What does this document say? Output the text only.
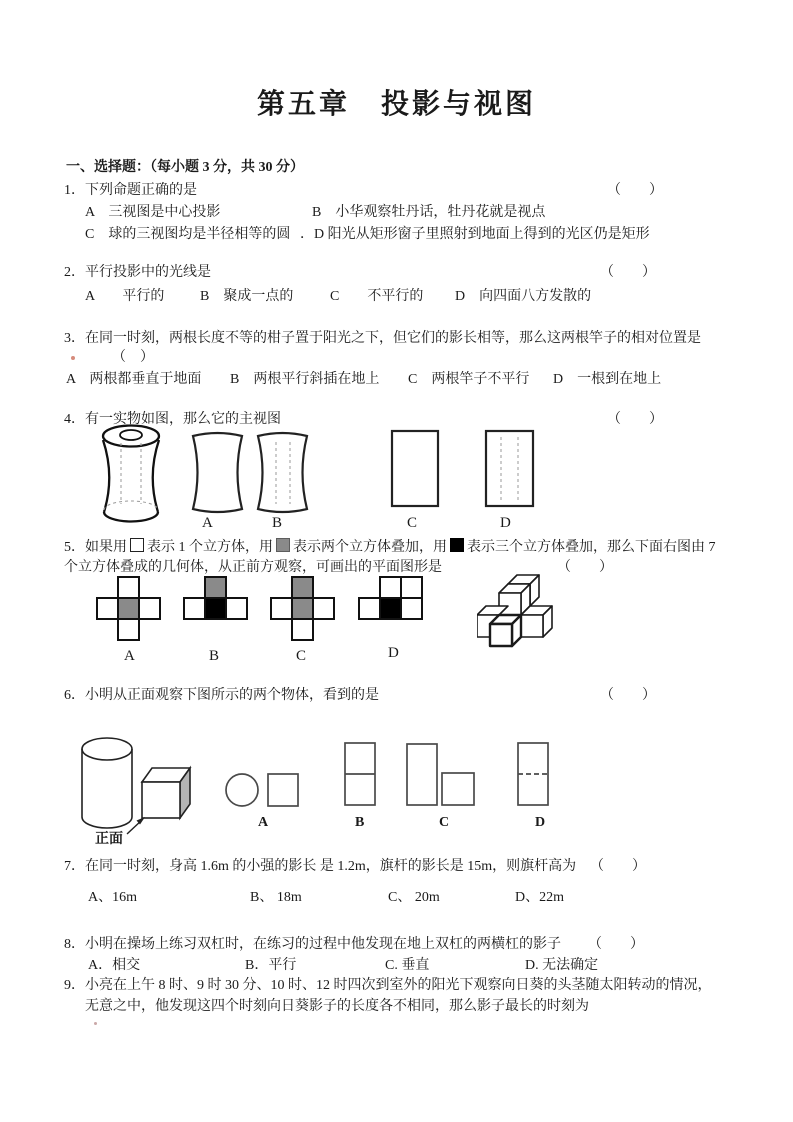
第五章　投影与视图
一、选择题：（每小题 3 分，共 30 分）
1．下列命题正确的是	（　　）
A　三视图是中心投影	B　小华观察牡丹话，牡丹花就是视点
C　球的三视图均是半径相等的圆 ．D 阳光从矩形窗子里照射到地面上得到的光区仍是矩形
2．平行投影中的光线是	（　　）
A　　平行的	B　聚成一点的	C　　不平行的 D　向四面八方发散的
3．在同一时刻，两根长度不等的柑子置于阳光之下，但它们的影长相等，那么这两根竿子的相对位置是
（　）
A　两根都垂直于地面 B　两根平行斜插在地上 C　两根竿子不平行 D　一根到在地上
4．有一实物如图，那么它的主视图	（　　）
A	B	C	D
5．如果用 表示 1 个立方体，用 表示两个立方体叠加，用 表示三个立方体叠加，那么下面右图由 7
个立方体叠成的几何体，从正前方观察，可画出的平面图形是	（　　）
A	B	C	D
6．小明从正面观察下图所示的两个物体，看到的是	（　　）
正面
A	B	C	D
7．在同一时刻，身高 1.6m 的小强的影长 是 1.2m，旗杆的影长是 15m，则旗杆高为 （　　）
A、16m	B、 18m	C、 20m	D、22m
8．小明在操场上练习双杠时，在练习的过程中他发现在地上双杠的两横杠的影子 （　　）
A．相交	B．平行	C. 垂直	D. 无法确定
9．小亮在上午 8 时、9 时 30 分、10 时、12 时四次到室外的阳光下观察向日葵的头茎随太阳转动的情况，
无意之中，他发现这四个时刻向日葵影子的长度各不相同，那么影子最长的时刻为
